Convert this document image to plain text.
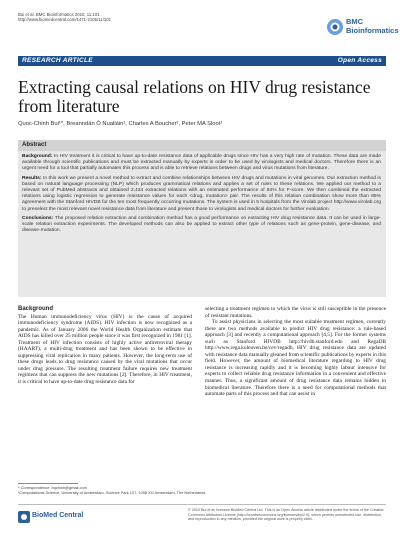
Bui et al. BMC Bioinformatics 2010, 11:101
http://www.biomedcentral.com/1471-2105/11/101	BMC
Bioinformatics
RESEARCH ARTICLE	Open Access
Extracting causal relations on HIV drug resistance from literature
Quoc-Chinh Bui¹*, Breanndán Ó Nualláin¹, Charles A Boucher², Peter MA Sloot¹
Abstract

Background: In HIV treatment it is critical to have up-to-date resistance data of applicable drugs since HIV has a very high rate of mutation. These data are made available through scientific publications and must be extracted manually by experts in order to be used by virologists and medical doctors. Therefore there is an urgent need for a tool that partially automates this process and is able to retrieve relations between drugs and virus mutations from literature.

Results: In this work we present a novel method to extract and combine relationships between HIV drugs and mutations in viral genomes. Our extraction method is based on natural language processing (NLP) which produces grammatical relations and applies a set of rules to these relations. We applied our method to a relevant set of PubMed abstracts and obtained 2,434 extracted relations with an estimated performance of 84% for F-score. We then combined the extracted relations using logistic regression to generate resistance values for each <drug, mutation> pair. The results of this relation combination show more than 85% agreement with the Stanford HIVDB for the ten most frequently occurring mutations. The system is used in 5 hospitals from the Virolab project http://www.virolab.org to preselect the most relevant novel resistance data from literature and present those to virologists and medical doctors for further evaluation.

Conclusions: The proposed relation extraction and combination method has a good performance on extracting HIV drug resistance data. It can be used in large-scale relation extraction experiments. The developed methods can also be applied to extract other type of relations such as gene-protein, gene-disease, and disease-mutation.

Background

The Human immunodeficiency virus (HIV) is the cause of acquired immunodeficiency syndrome (AIDS). HIV infection is now recognized as a pandemic. As of January 2006 the World Health Organization estimate that AIDS has killed over 25 million people since it was first recognized in 1981 [1]. Treatment of HIV infection consists of highly active antiretroviral therapy (HAART), a multi-drug treatment and has been shown to be effective in suppressing viral replication in many patients. However, the long-term use of these drugs leads to drug resistance caused by the viral mutations that occur under drug pressure. The resulting treatment failure requires new treatment regimens that can suppress the new mutations [2]. Therefore, in HIV treatment, it is critical to have up-to-date drug resistance data for

selecting a treatment regimen to which the virus is still susceptible in the presence of resistant mutations.

To assist physicians in selecting the most suitable treatment regimen, currently there are two methods available to predict HIV drug resistance: a rule-based approach [3] and recently a computational approach [4,5]. For the former systems such as Stanford HIVDB http://hivdb.stanford.edu and RegaDB http://www.rega.kuleuven.be/cev/regadb, HIV drug resistance data are updated with resistance data manually gleaned from scientific publications by experts in this field. However, the amount of biomedical literature regarding to HIV drug resistance is increasing rapidly and it is becoming highly labour intensive for experts to collect reliable drug resistance information in a convenient and effective manner. Thus, a significant amount of drug resistance data remains hidden in biomedical literature. Therefore there is a need for computational methods that automate parts of this process and that can assist in

* Correspondence: bqchinh@gmail.com
¹Computational Science, University of Amsterdam, Science Park 107, 1098 XG Amsterdam, The Netherlands
BioMed Central
© 2010 Bui et al; licensee BioMed Central Ltd. This is an Open Access article distributed under the terms of the Creative Commons Attribution License (http://creativecommons.org/licenses/by/2.0), which permits unrestricted use, distribution, and reproduction in any medium, provided the original work is properly cited.
